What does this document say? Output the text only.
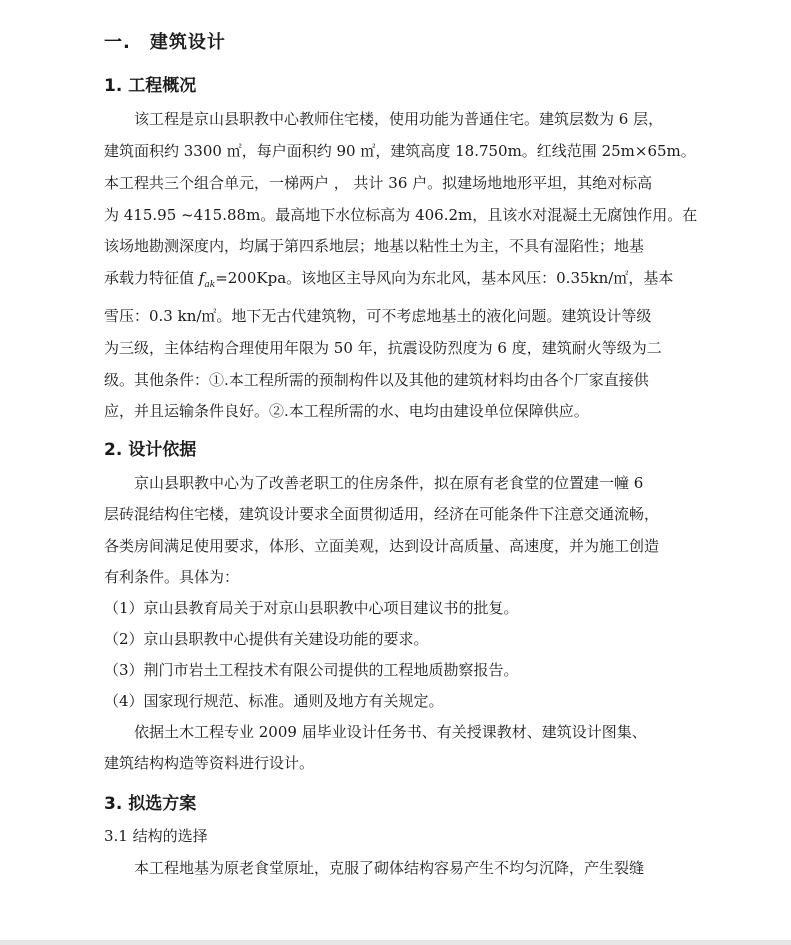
一.　建筑设计
1. 工程概况
该工程是京山县职教中心教师住宅楼，使用功能为普通住宅。建筑层数为 6 层，
建筑面积约 3300 ㎡，每户面积约 90 ㎡，建筑高度 18.750m。红线范围 25m×65m。
本工程共三个组合单元，一梯两户 ， 共计 36 户。拟建场地地形平坦，其绝对标高
为 415.95 ~415.88m。最高地下水位标高为 406.2m，且该水对混凝土无腐蚀作用。在
该场地勘测深度内，均属于第四系地层；地基以粘性土为主，不具有湿陷性；地基
承载力特征值 $f_{ak}=200Kpa$。该地区主导风向为东北风，基本风压：0.35kn/㎡，基本
雪压：0.3 kn/㎡。地下无古代建筑物，可不考虑地基土的液化问题。建筑设计等级
为三级，主体结构合理使用年限为 50 年，抗震设防烈度为 6 度，建筑耐火等级为二
级。其他条件：①.本工程所需的预制构件以及其他的建筑材料均由各个厂家直接供
应，并且运输条件良好。②.本工程所需的水、电均由建设单位保障供应。
2. 设计依据
京山县职教中心为了改善老职工的住房条件，拟在原有老食堂的位置建一幢 6
层砖混结构住宅楼，建筑设计要求全面贯彻适用，经济在可能条件下注意交通流畅，
各类房间满足使用要求，体形、立面美观，达到设计高质量、高速度，并为施工创造
有利条件。具体为：
（1）京山县教育局关于对京山县职教中心项目建议书的批复。
（2）京山县职教中心提供有关建设功能的要求。
（3）荆门市岩土工程技术有限公司提供的工程地质勘察报告。
（4）国家现行规范、标准。通则及地方有关规定。
依据土木工程专业 2009 届毕业设计任务书、有关授课教材、建筑设计图集、
建筑结构构造等资料进行设计。
3. 拟选方案
3.1 结构的选择
本工程地基为原老食堂原址，克服了砌体结构容易产生不均匀沉降，产生裂缝
